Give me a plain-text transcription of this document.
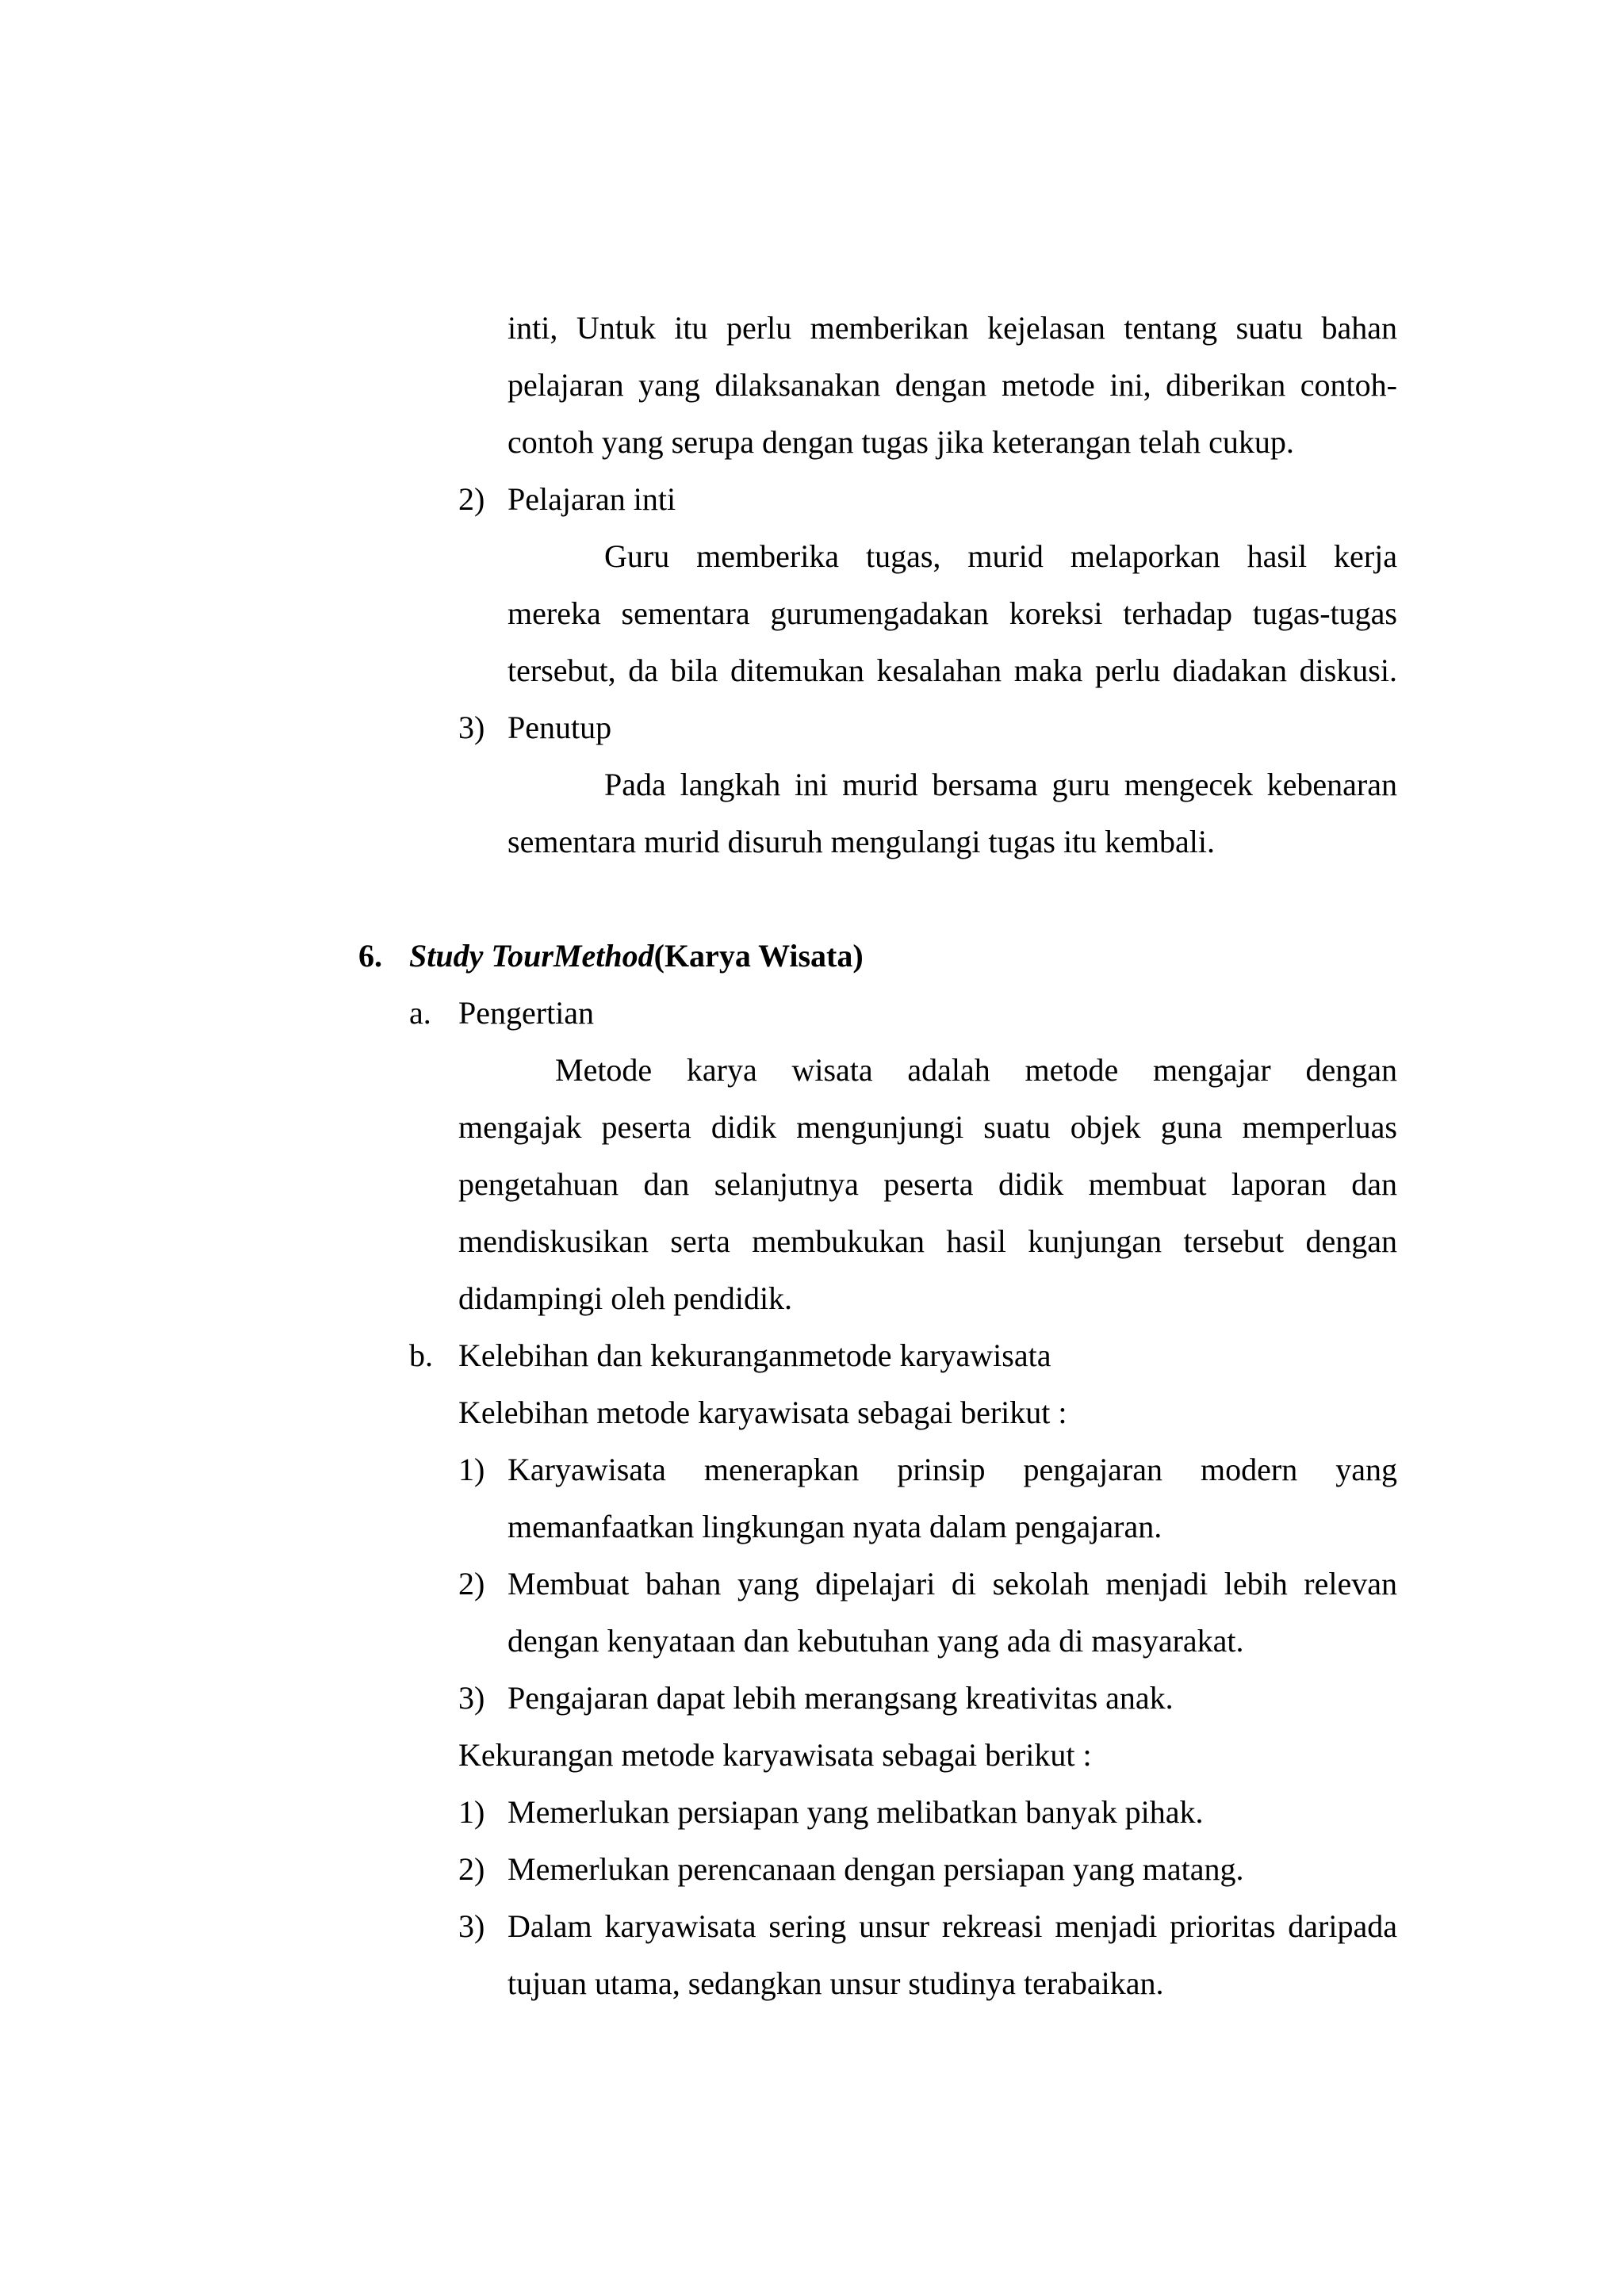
inti, Untuk itu perlu memberikan kejelasan tentang suatu bahan
pelajaran yang dilaksanakan dengan metode ini, diberikan contoh-
contoh yang serupa dengan tugas jika keterangan telah cukup.
2) Pelajaran inti
Guru memberika tugas, murid melaporkan hasil kerja
mereka sementara gurumengadakan koreksi terhadap tugas-tugas
tersebut, da bila ditemukan kesalahan maka perlu diadakan diskusi.
3) Penutup
Pada langkah ini murid bersama guru mengecek kebenaran
sementara murid disuruh mengulangi tugas itu kembali.
6. Study TourMethod(Karya Wisata)
a. Pengertian
Metode karya wisata adalah metode mengajar dengan
mengajak peserta didik mengunjungi suatu objek guna memperluas
pengetahuan dan selanjutnya peserta didik membuat laporan dan
mendiskusikan serta membukukan hasil kunjungan tersebut dengan
didampingi oleh pendidik.
b. Kelebihan dan kekuranganmetode karyawisata
Kelebihan metode karyawisata sebagai berikut :
1) Karyawisata menerapkan prinsip pengajaran modern yang
memanfaatkan lingkungan nyata dalam pengajaran.
2) Membuat bahan yang dipelajari di sekolah menjadi lebih relevan
dengan kenyataan dan kebutuhan yang ada di masyarakat.
3) Pengajaran dapat lebih merangsang kreativitas anak.
Kekurangan metode karyawisata sebagai berikut :
1) Memerlukan persiapan yang melibatkan banyak pihak.
2) Memerlukan perencanaan dengan persiapan yang matang.
3) Dalam karyawisata sering unsur rekreasi menjadi prioritas daripada
tujuan utama, sedangkan unsur studinya terabaikan.
